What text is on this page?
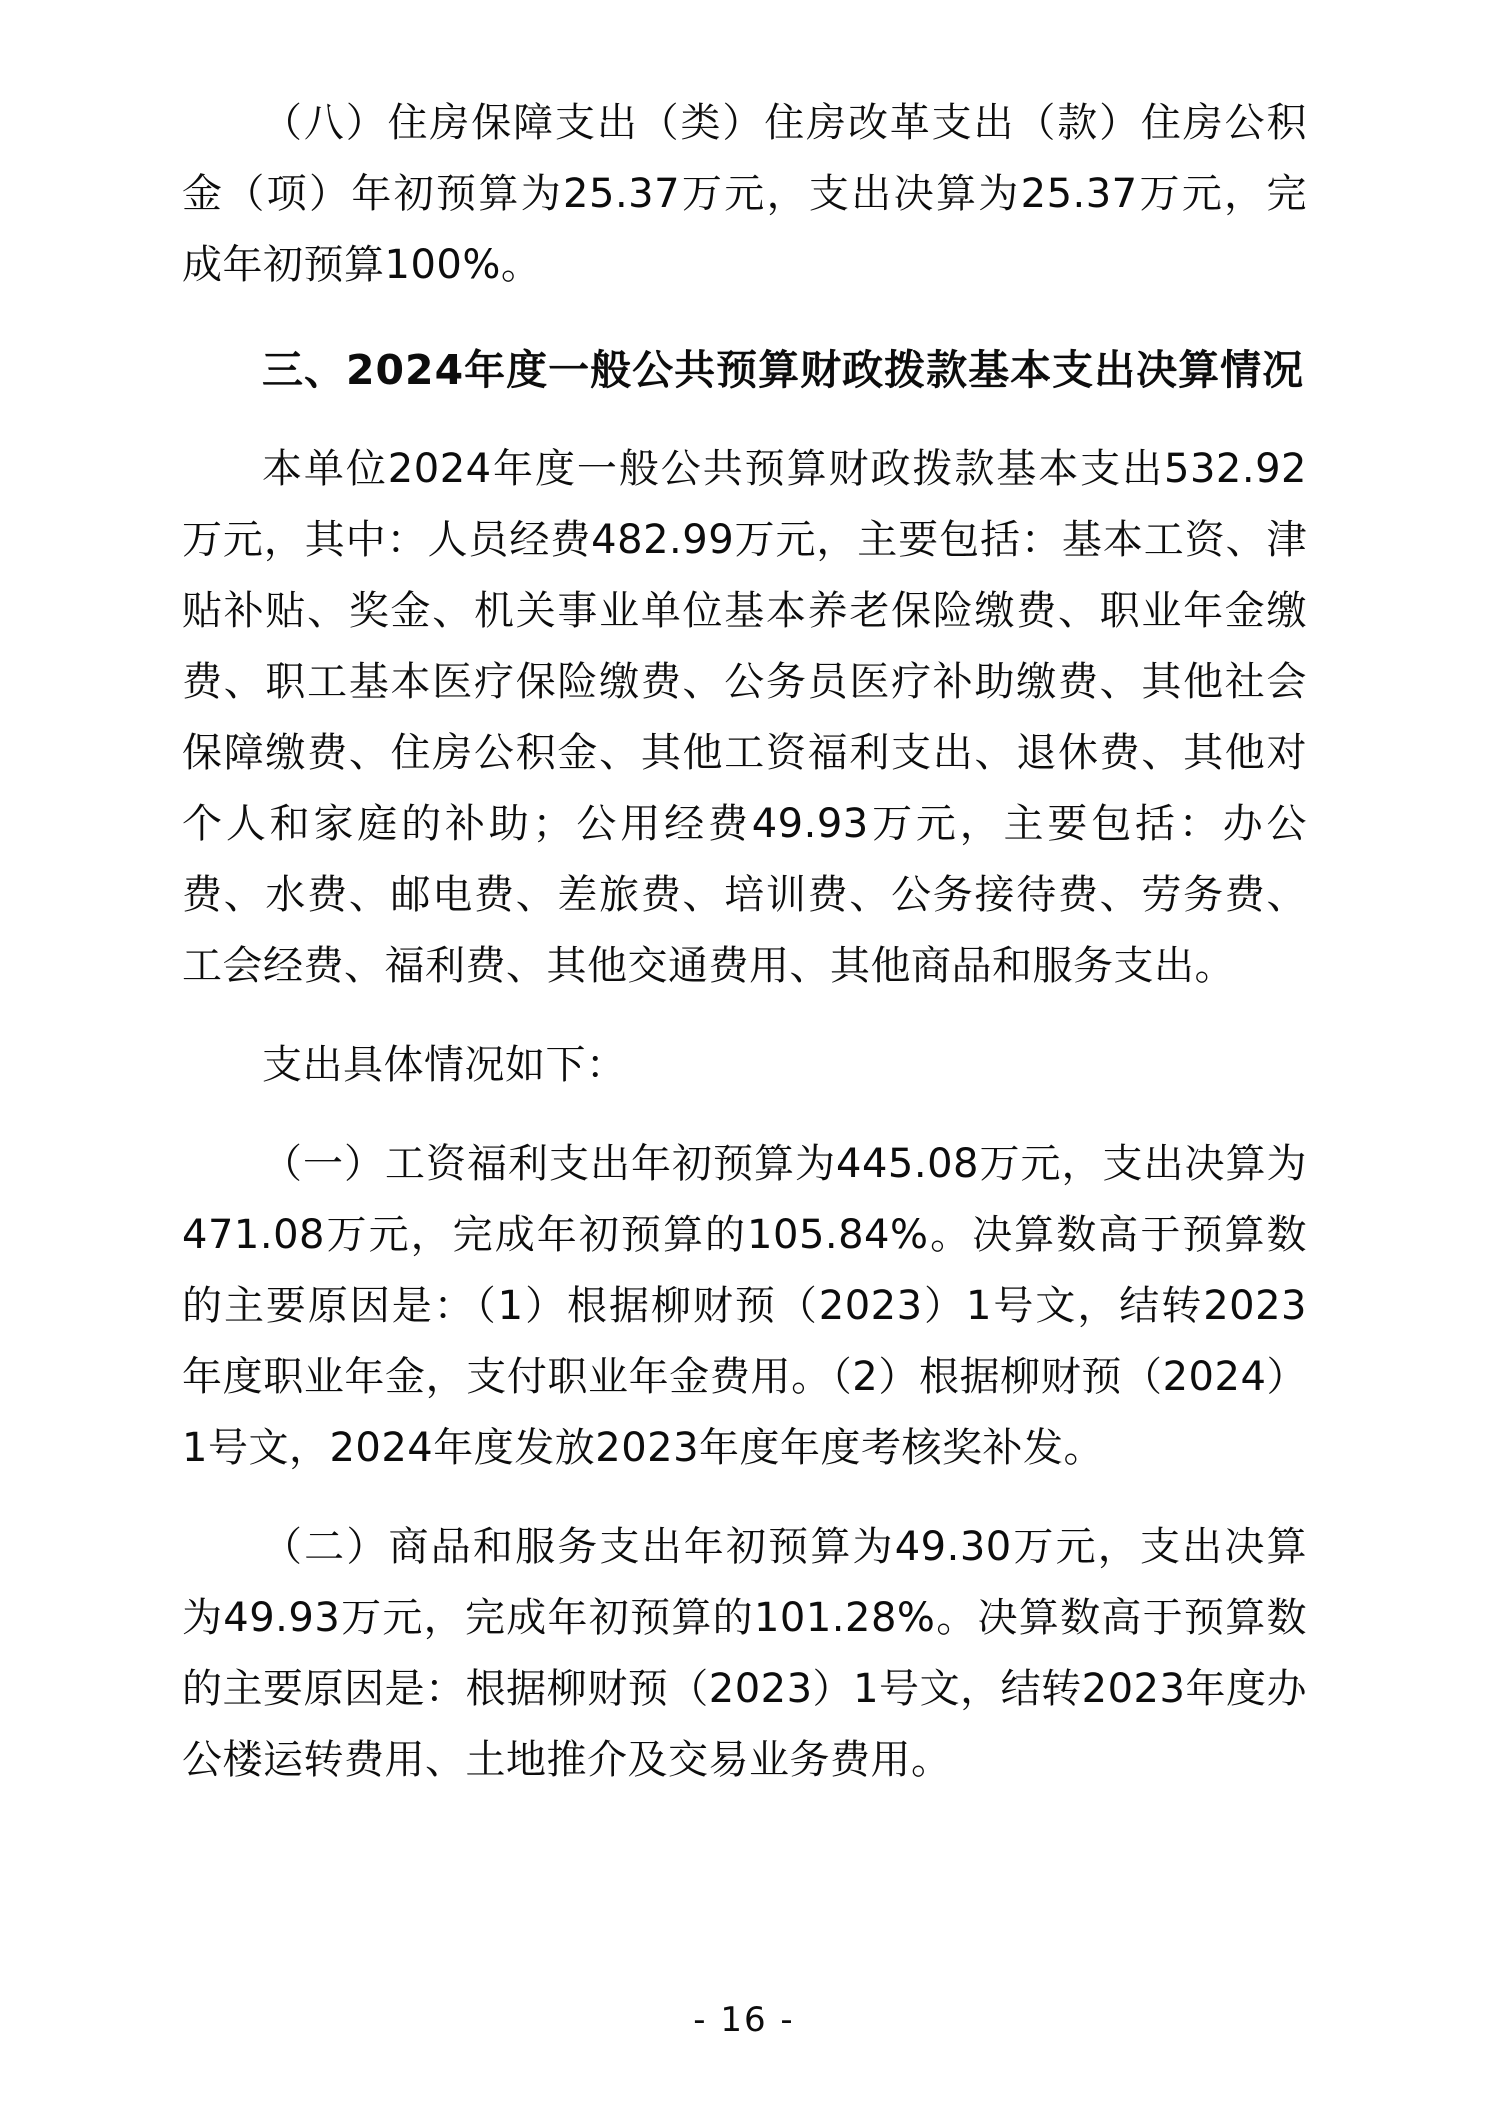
（八）住房保障支出（类）住房改革支出（款）住房公积金（项）年初预算为25.37万元，支出决算为25.37万元，完成年初预算100%。

三、2024年度一般公共预算财政拨款基本支出决算情况

本单位2024年度一般公共预算财政拨款基本支出532.92万元，其中：人员经费482.99万元，主要包括：基本工资、津贴补贴、奖金、机关事业单位基本养老保险缴费、职业年金缴费、职工基本医疗保险缴费、公务员医疗补助缴费、其他社会保障缴费、住房公积金、其他工资福利支出、退休费、其他对个人和家庭的补助；公用经费49.93万元，主要包括：办公费、水费、邮电费、差旅费、培训费、公务接待费、劳务费、工会经费、福利费、其他交通费用、其他商品和服务支出。

支出具体情况如下：

（一）工资福利支出年初预算为445.08万元，支出决算为471.08万元，完成年初预算的105.84%。决算数高于预算数的主要原因是：（1）根据柳财预（2023）1号文，结转2023年度职业年金，支付职业年金费用。（2）根据柳财预（2024）1号文，2024年度发放2023年度年度考核奖补发。

（二）商品和服务支出年初预算为49.30万元，支出决算为49.93万元，完成年初预算的101.28%。决算数高于预算数的主要原因是：根据柳财预（2023）1号文，结转2023年度办公楼运转费用、土地推介及交易业务费用。

- 16 -
